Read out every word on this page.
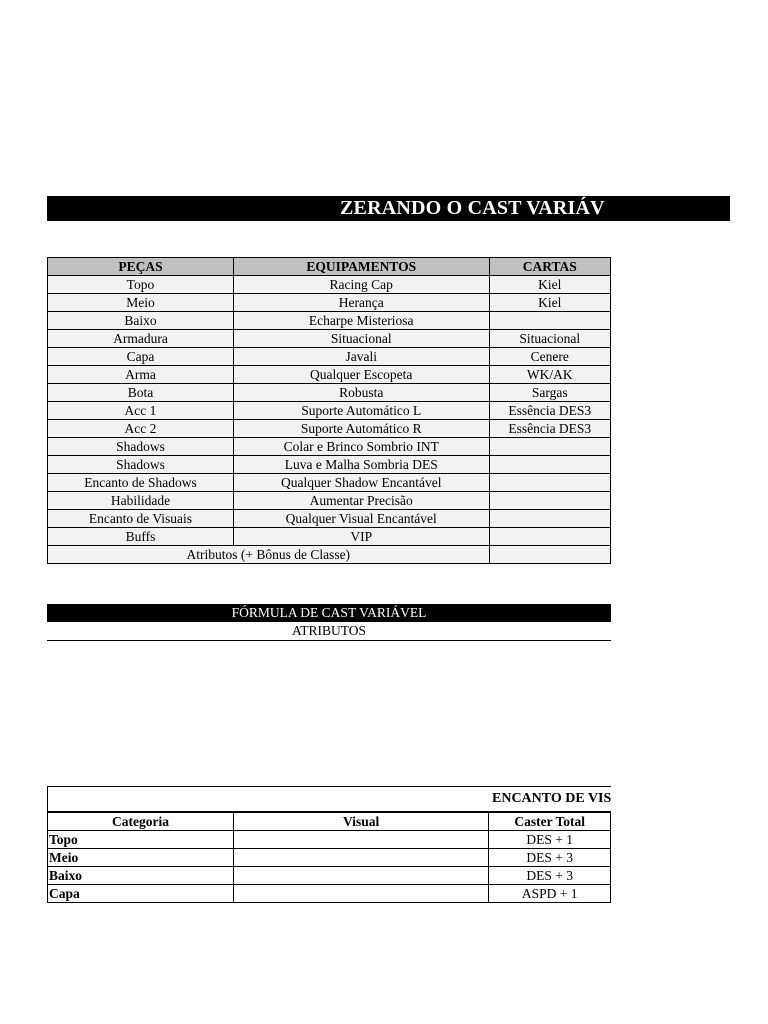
ZERANDO O CAST VARIÁV
PEÇAS	EQUIPAMENTOS	CARTAS
Topo	Racing Cap	Kiel
Meio	Herança	Kiel
Baixo	Echarpe Misteriosa	
Armadura	Situacional	Situacional
Capa	Javali	Cenere
Arma	Qualquer Escopeta	WK/AK
Bota	Robusta	Sargas
Acc 1	Suporte Automático L	Essência DES3
Acc 2	Suporte Automático R	Essência DES3
Shadows	Colar e Brinco Sombrio INT	
Shadows	Luva e Malha Sombria DES	
Encanto de Shadows	Qualquer Shadow Encantável	
Habilidade	Aumentar Precisão	
Encanto de Visuais	Qualquer Visual Encantável	
Buffs	VIP	
Atributos (+ Bônus de Classe)		
FÓRMULA DE CAST VARIÁVEL
ATRIBUTOS
ENCANTO DE VIS
Categoria	Visual	Caster Total
Topo		DES + 1
Meio		DES + 3
Baixo		DES + 3
Capa		ASPD + 1
